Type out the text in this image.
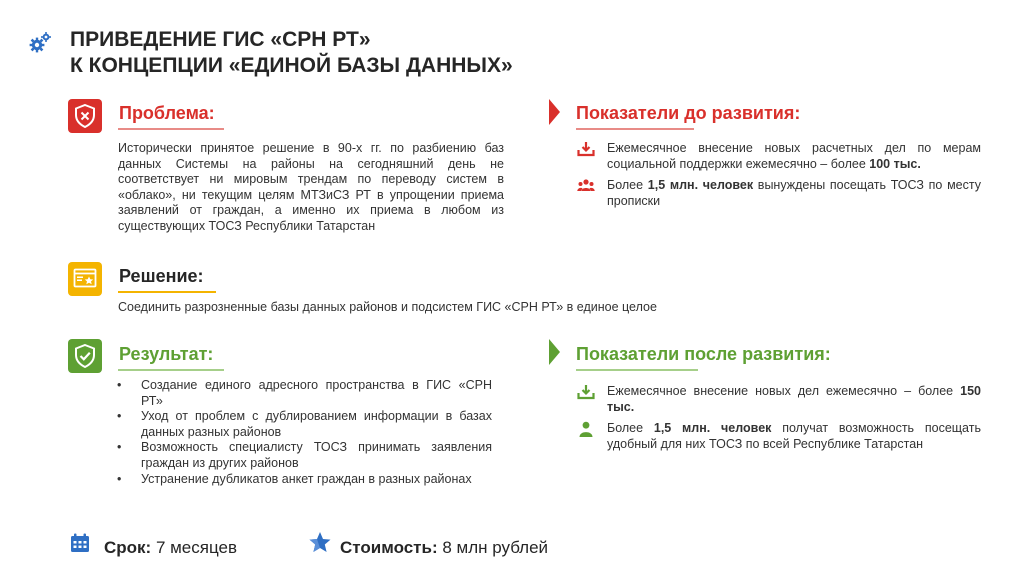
ПРИВЕДЕНИЕ ГИС «СРН РТ»
К КОНЦЕПЦИИ «ЕДИНОЙ БАЗЫ ДАННЫХ»
Проблема:
Исторически принятое решение в 90-х гг. по разбиению баз данных Системы на районы на сегодняшний день не соответствует ни мировым трендам по переводу систем в «облако», ни текущим целям МТЗиСЗ РТ в упрощении приема заявлений от граждан, а именно их приема в любом из существующих ТОСЗ Республики Татарстан
Показатели до развития:
Ежемесячное внесение новых расчетных дел по мерам социальной поддержки ежемесячно – более 100 тыс.
Более 1,5 млн. человек вынуждены посещать ТОСЗ по месту прописки
Решение:
Соединить разрозненные базы данных районов и подсистем ГИС «СРН РТ» в единое целое
Результат:
• Создание единого адресного пространства в ГИС «СРН РТ»
• Уход от проблем с дублированием информации в базах данных разных районов
• Возможность специалисту ТОСЗ принимать заявления граждан из других районов
• Устранение дубликатов анкет граждан в разных районах
Показатели после развития:
Ежемесячное внесение новых дел ежемесячно – более 150 тыс.
Более 1,5 млн. человек получат возможность посещать удобный для них ТОСЗ по всей Республике Татарстан
Срок: 7 месяцев	Стоимость: 8 млн рублей
